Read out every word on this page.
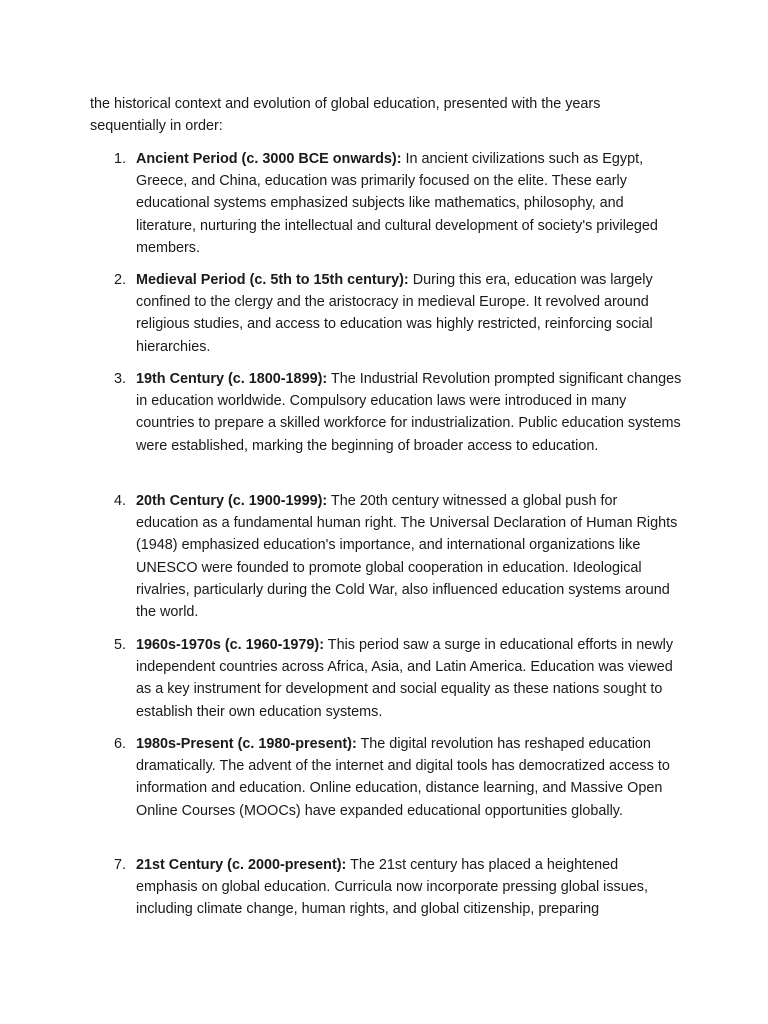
the historical context and evolution of global education, presented with the years sequentially in order:

1. Ancient Period (c. 3000 BCE onwards): In ancient civilizations such as Egypt, Greece, and China, education was primarily focused on the elite. These early educational systems emphasized subjects like mathematics, philosophy, and literature, nurturing the intellectual and cultural development of society's privileged members.

2. Medieval Period (c. 5th to 15th century): During this era, education was largely confined to the clergy and the aristocracy in medieval Europe. It revolved around religious studies, and access to education was highly restricted, reinforcing social hierarchies.

3. 19th Century (c. 1800-1899): The Industrial Revolution prompted significant changes in education worldwide. Compulsory education laws were introduced in many countries to prepare a skilled workforce for industrialization. Public education systems were established, marking the beginning of broader access to education.

4. 20th Century (c. 1900-1999): The 20th century witnessed a global push for education as a fundamental human right. The Universal Declaration of Human Rights (1948) emphasized education's importance, and international organizations like UNESCO were founded to promote global cooperation in education. Ideological rivalries, particularly during the Cold War, also influenced education systems around the world.

5. 1960s-1970s (c. 1960-1979): This period saw a surge in educational efforts in newly independent countries across Africa, Asia, and Latin America. Education was viewed as a key instrument for development and social equality as these nations sought to establish their own education systems.

6. 1980s-Present (c. 1980-present): The digital revolution has reshaped education dramatically. The advent of the internet and digital tools has democratized access to information and education. Online education, distance learning, and Massive Open Online Courses (MOOCs) have expanded educational opportunities globally.

7. 21st Century (c. 2000-present): The 21st century has placed a heightened emphasis on global education. Curricula now incorporate pressing global issues, including climate change, human rights, and global citizenship, preparing
